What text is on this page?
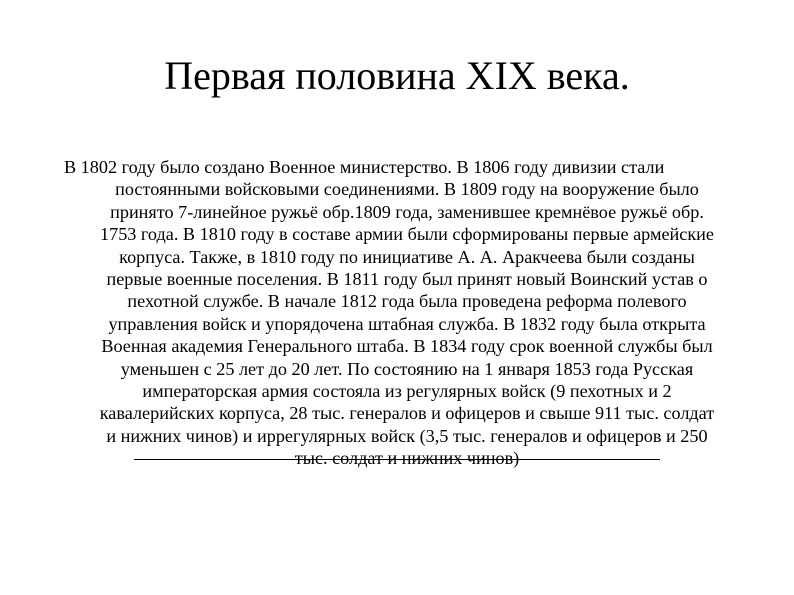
Первая половина XIX века.
В 1802 году было создано Военное министерство. В 1806 году дивизии стали
постоянными войсковыми соединениями. В 1809 году на вооружение было
принято 7-линейное ружьё обр.1809 года, заменившее кремнёвое ружьё обр.
1753 года. В 1810 году в составе армии были сформированы первые армейские
корпуса. Также, в 1810 году по инициативе А. А. Аракчеева были созданы
первые военные поселения. В 1811 году был принят новый Воинский устав о
пехотной службе. В начале 1812 года была проведена реформа полевого
управления войск и упорядочена штабная служба. В 1832 году была открыта
Военная академия Генерального штаба. В 1834 году срок военной службы был
уменьшен с 25 лет до 20 лет. По состоянию на 1 января 1853 года Русская
императорская армия состояла из регулярных войск (9 пехотных и 2
кавалерийских корпуса, 28 тыс. генералов и офицеров и свыше 911 тыс. солдат
и нижних чинов) и иррегулярных войск (3,5 тыс. генералов и офицеров и 250
тыс. солдат и нижних чинов)
